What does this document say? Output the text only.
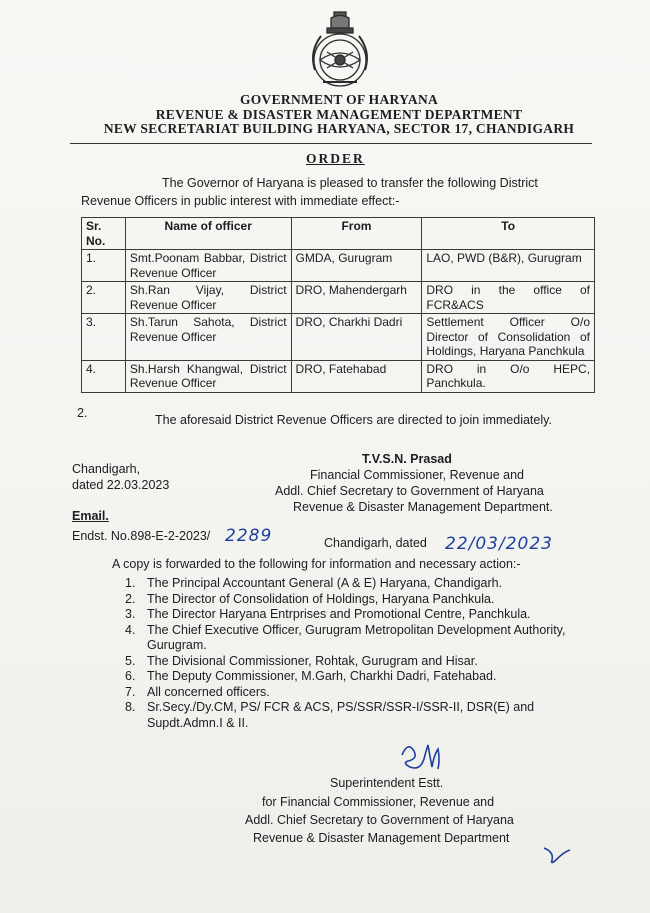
GOVERNMENT OF HARYANA
REVENUE & DISASTER MANAGEMENT DEPARTMENT
NEW SECRETARIAT BUILDING HARYANA, SECTOR 17, CHANDIGARH
ORDER
The Governor of Haryana is pleased to transfer the following District
Revenue Officers in public interest with immediate effect:-
Sr. No.	Name of officer	From	To
1.	Smt.Poonam Babbar, District Revenue Officer	GMDA, Gurugram	LAO, PWD (B&R), Gurugram
2.	Sh.Ran Vijay, District Revenue Officer	DRO, Mahendergarh	DRO in the office of FCR&ACS
3.	Sh.Tarun Sahota, District Revenue Officer	DRO, Charkhi Dadri	Settlement Officer O/o Director of Consolidation of Holdings, Haryana Panchkula
4.	Sh.Harsh Khangwal, District Revenue Officer	DRO, Fatehabad	DRO in O/o HEPC, Panchkula.
2.	The aforesaid District Revenue Officers are directed to join immediately.
T.V.S.N. Prasad
Financial Commissioner, Revenue and
Addl. Chief Secretary to Government of Haryana
Revenue & Disaster Management Department.
Chandigarh,
dated 22.03.2023
Email.
Endst. No.898-E-2-2023/ 2289	Chandigarh, dated 22/03/2023
A copy is forwarded to the following for information and necessary action:-
1. The Principal Accountant General (A & E) Haryana, Chandigarh.
2. The Director of Consolidation of Holdings, Haryana Panchkula.
3. The Director Haryana Entrprises and Promotional Centre, Panchkula.
4. The Chief Executive Officer, Gurugram Metropolitan Development Authority,
Gurugram.
5. The Divisional Commissioner, Rohtak, Gurugram and Hisar.
6. The Deputy Commissioner, M.Garh, Charkhi Dadri, Fatehabad.
7. All concerned officers.
8. Sr.Secy./Dy.CM, PS/ FCR & ACS, PS/SSR/SSR-I/SSR-II, DSR(E) and
Supdt.Admn.I & II.
Superintendent Estt.
for Financial Commissioner, Revenue and
Addl. Chief Secretary to Government of Haryana
Revenue & Disaster Management Department
